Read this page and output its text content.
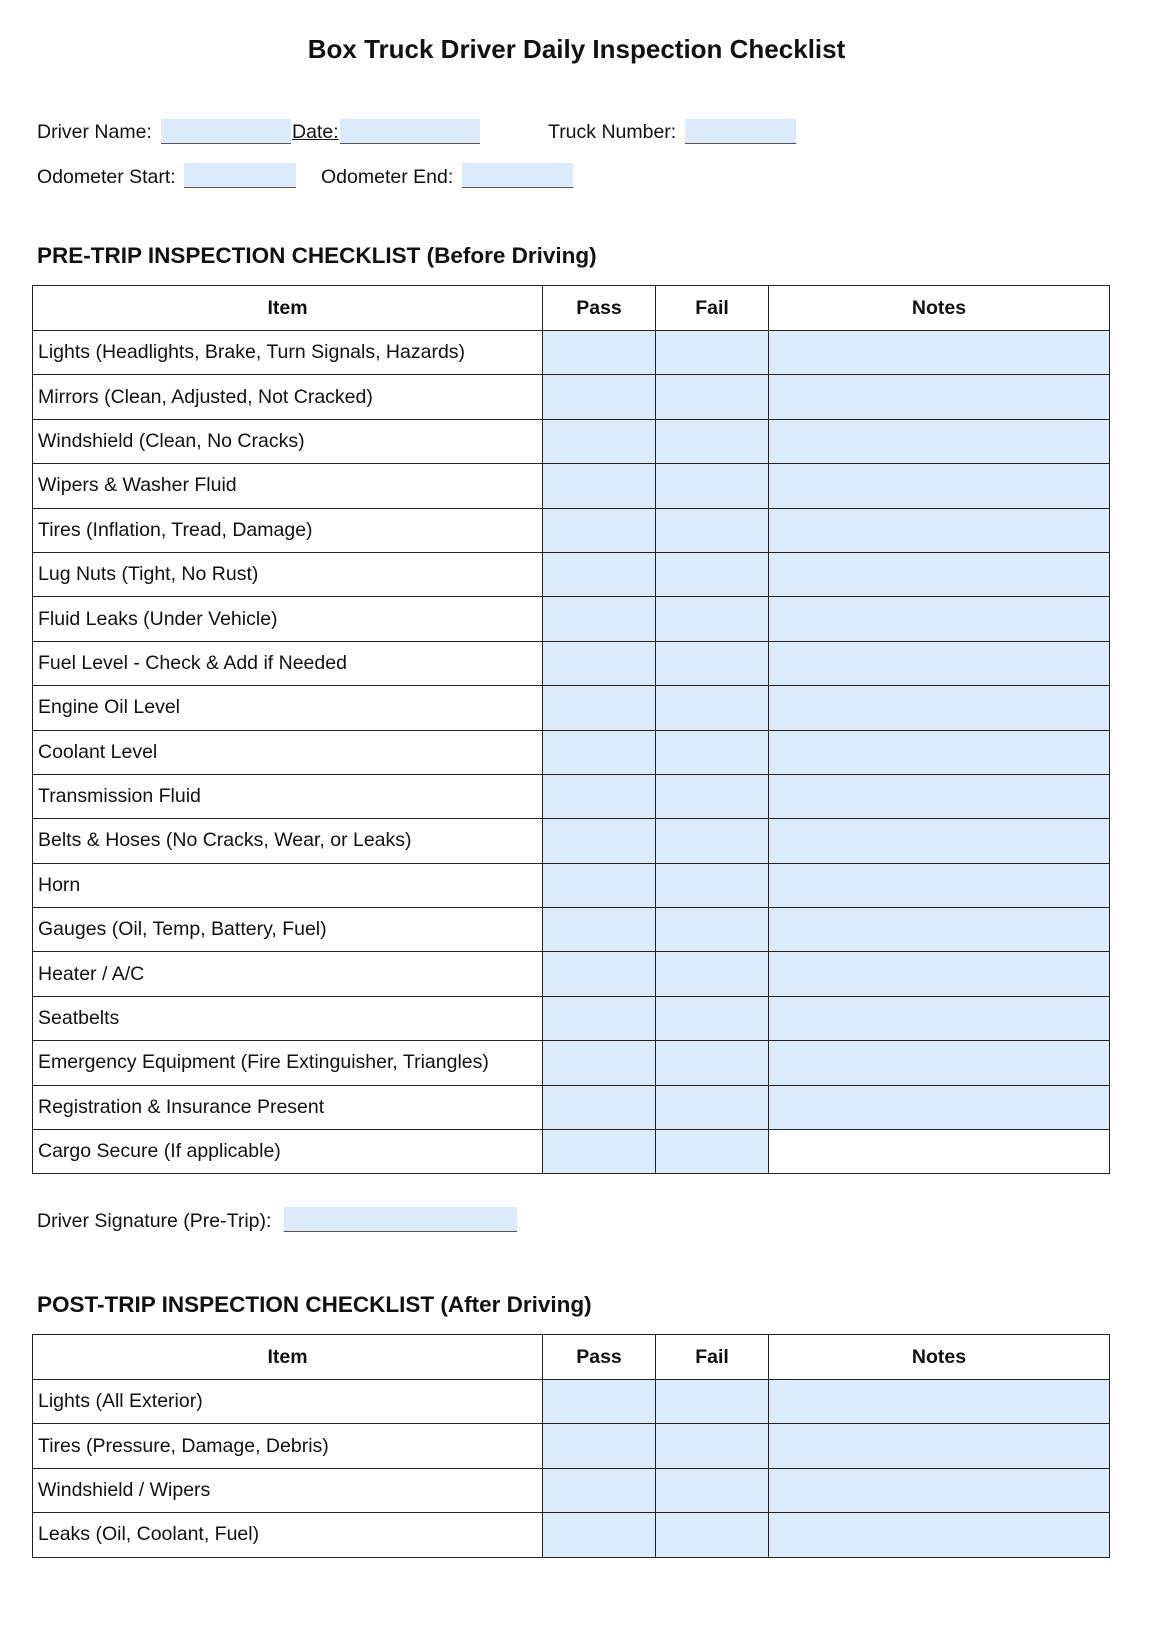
Box Truck Driver Daily Inspection Checklist
Driver Name:	Date:	Truck Number:
Odometer Start:	Odometer End:
PRE-TRIP INSPECTION CHECKLIST (Before Driving)
Item	Pass	Fail	Notes
Lights (Headlights, Brake, Turn Signals, Hazards)			
Mirrors (Clean, Adjusted, Not Cracked)			
Windshield (Clean, No Cracks)			
Wipers & Washer Fluid			
Tires (Inflation, Tread, Damage)			
Lug Nuts (Tight, No Rust)			
Fluid Leaks (Under Vehicle)			
Fuel Level - Check & Add if Needed			
Engine Oil Level			
Coolant Level			
Transmission Fluid			
Belts & Hoses (No Cracks, Wear, or Leaks)			
Horn			
Gauges (Oil, Temp, Battery, Fuel)			
Heater / A/C			
Seatbelts			
Emergency Equipment (Fire Extinguisher, Triangles)			
Registration & Insurance Present			
Cargo Secure (If applicable)			
Driver Signature (Pre-Trip):
POST-TRIP INSPECTION CHECKLIST (After Driving)
Item	Pass	Fail	Notes
Lights (All Exterior)			
Tires (Pressure, Damage, Debris)			
Windshield / Wipers			
Leaks (Oil, Coolant, Fuel)			
